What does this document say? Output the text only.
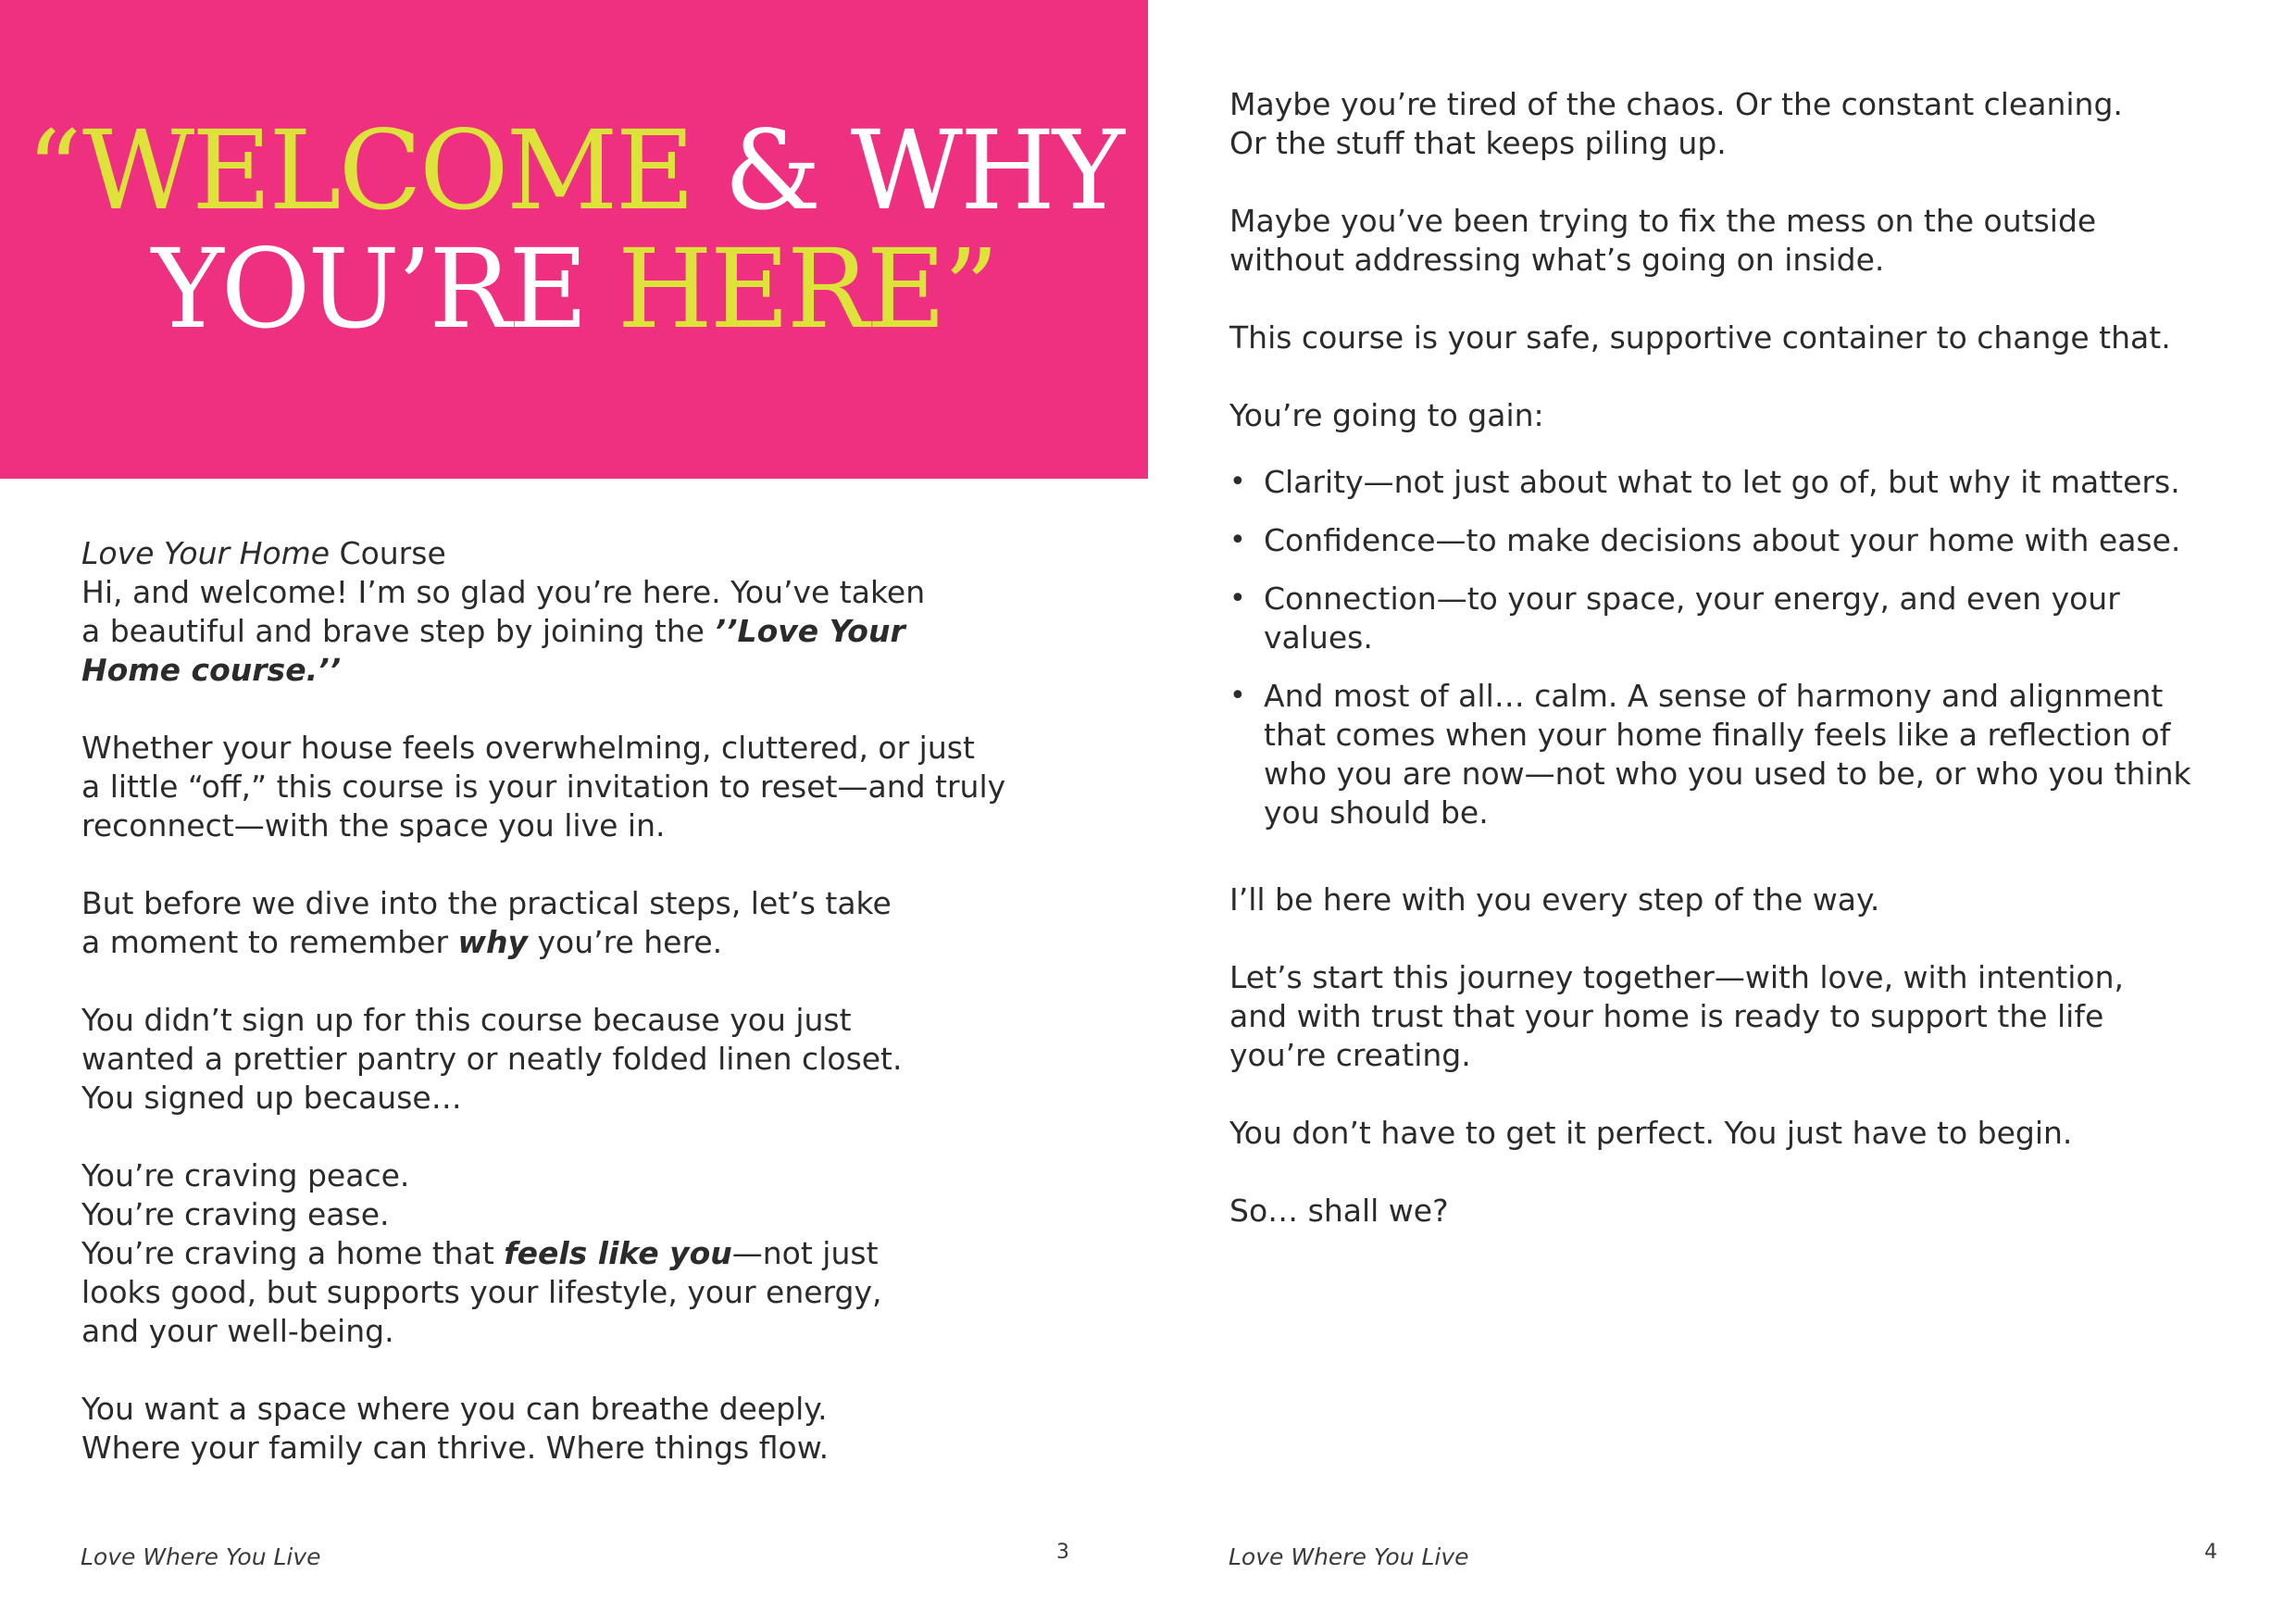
“WELCOME & WHY
YOU’RE HERE”

Love Your Home Course
Hi, and welcome! I’m so glad you’re here. You’ve taken
a beautiful and brave step by joining the ’’Love Your
Home course.’’

Whether your house feels overwhelming, cluttered, or just
a little “off,” this course is your invitation to reset—and truly
reconnect—with the space you live in.

But before we dive into the practical steps, let’s take
a moment to remember why you’re here.

You didn’t sign up for this course because you just
wanted a prettier pantry or neatly folded linen closet.
You signed up because…

You’re craving peace.
You’re craving ease.
You’re craving a home that feels like you—not just
looks good, but supports your lifestyle, your energy,
and your well-being.

You want a space where you can breathe deeply.
Where your family can thrive. Where things flow.

Love Where You Live	3

Maybe you’re tired of the chaos. Or the constant cleaning.
Or the stuff that keeps piling up.

Maybe you’ve been trying to fix the mess on the outside
without addressing what’s going on inside.

This course is your safe, supportive container to change that.

You’re going to gain:

• Clarity—not just about what to let go of, but why it matters.
• Confidence—to make decisions about your home with ease.
• Connection—to your space, your energy, and even your
values.
• And most of all… calm. A sense of harmony and alignment
that comes when your home finally feels like a reflection of
who you are now—not who you used to be, or who you think
you should be.

I’ll be here with you every step of the way.

Let’s start this journey together—with love, with intention,
and with trust that your home is ready to support the life
you’re creating.

You don’t have to get it perfect. You just have to begin.

So… shall we?

Love Where You Live	4
